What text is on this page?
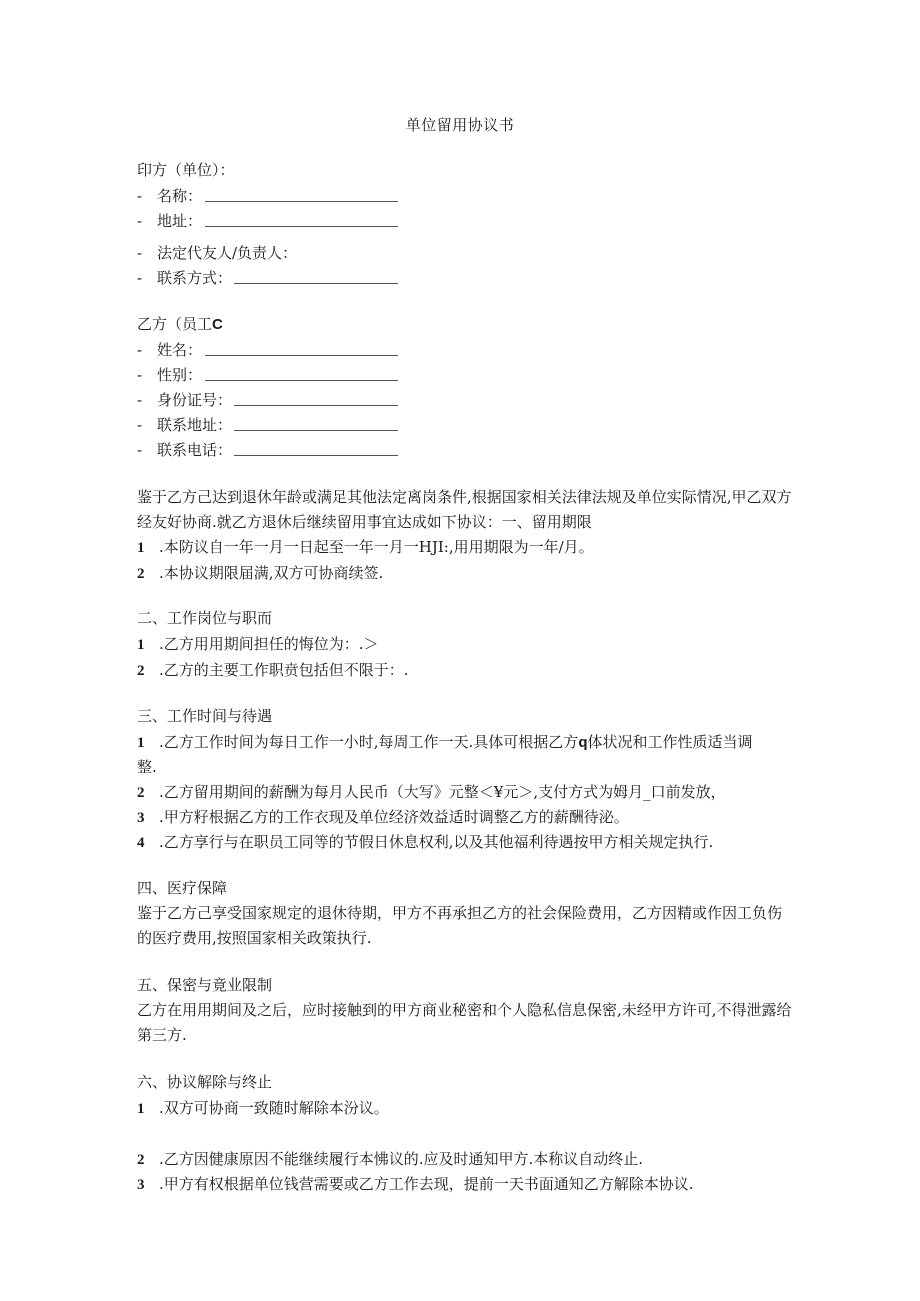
单位留用协议书
印方（单位）：
- 名称：
- 地址：
- 法定代友人/负责人：
- 联系方式：
乙方（员工C
- 姓名：
- 性别：
- 身份证号：
- 联系地址：
- 联系电话：
鉴于乙方己达到退休年龄或满足其他法定离岗条件,根据国家相关法律法规及单位实际情况,甲乙双方经友好协商.就乙方退休后继续留用事宜达成如下协议：一、留用期限
1 .本防议自一年一月一日起至一年一月一HJI:,用用期限为一年/月。
2 .本协议期限届满,双方可协商续签.
二、工作岗位与职而
1 .乙方用用期间担任的悔位为：.＞
2 .乙方的主要工作职贲包括但不限于：.
三、工作时间与待遇
1 .乙方工作时间为每日工作一小时,每周工作一天.具体可根据乙方q体状况和工作性质适当调
整.
2 .乙方留用期间的薪酬为每月人民币（大写》元整＜¥元＞,支付方式为姆月_口前发放，
3 .甲方籽根据乙方的工作衣现及单位经济效益适时调整乙方的薪酬待泌。
4 .乙方享行与在职员工同等的节假日休息权利,以及其他福利待遇按甲方相关规定执行.
四、医疗保障
鉴于乙方己享受国家规定的退休待期，甲方不再承担乙方的社会保险费用，乙方因精或作因工负伤的医疗费用,按照国家相关政策执行.
五、保密与竟业限制
乙方在用用期间及之后，应时接触到的甲方商业秘密和个人隐私信息保密,未经甲方许可,不得泄露给第三方.
六、协议解除与终止
1 .双方可协商一致随时解除本汾议。
2 .乙方因健康原因不能继续履行本怫议的.应及时通知甲方.本称议自动终止.
3 .甲方有权根据单位钱营需要或乙方工作去现，提前一天书面通知乙方解除本协议.
